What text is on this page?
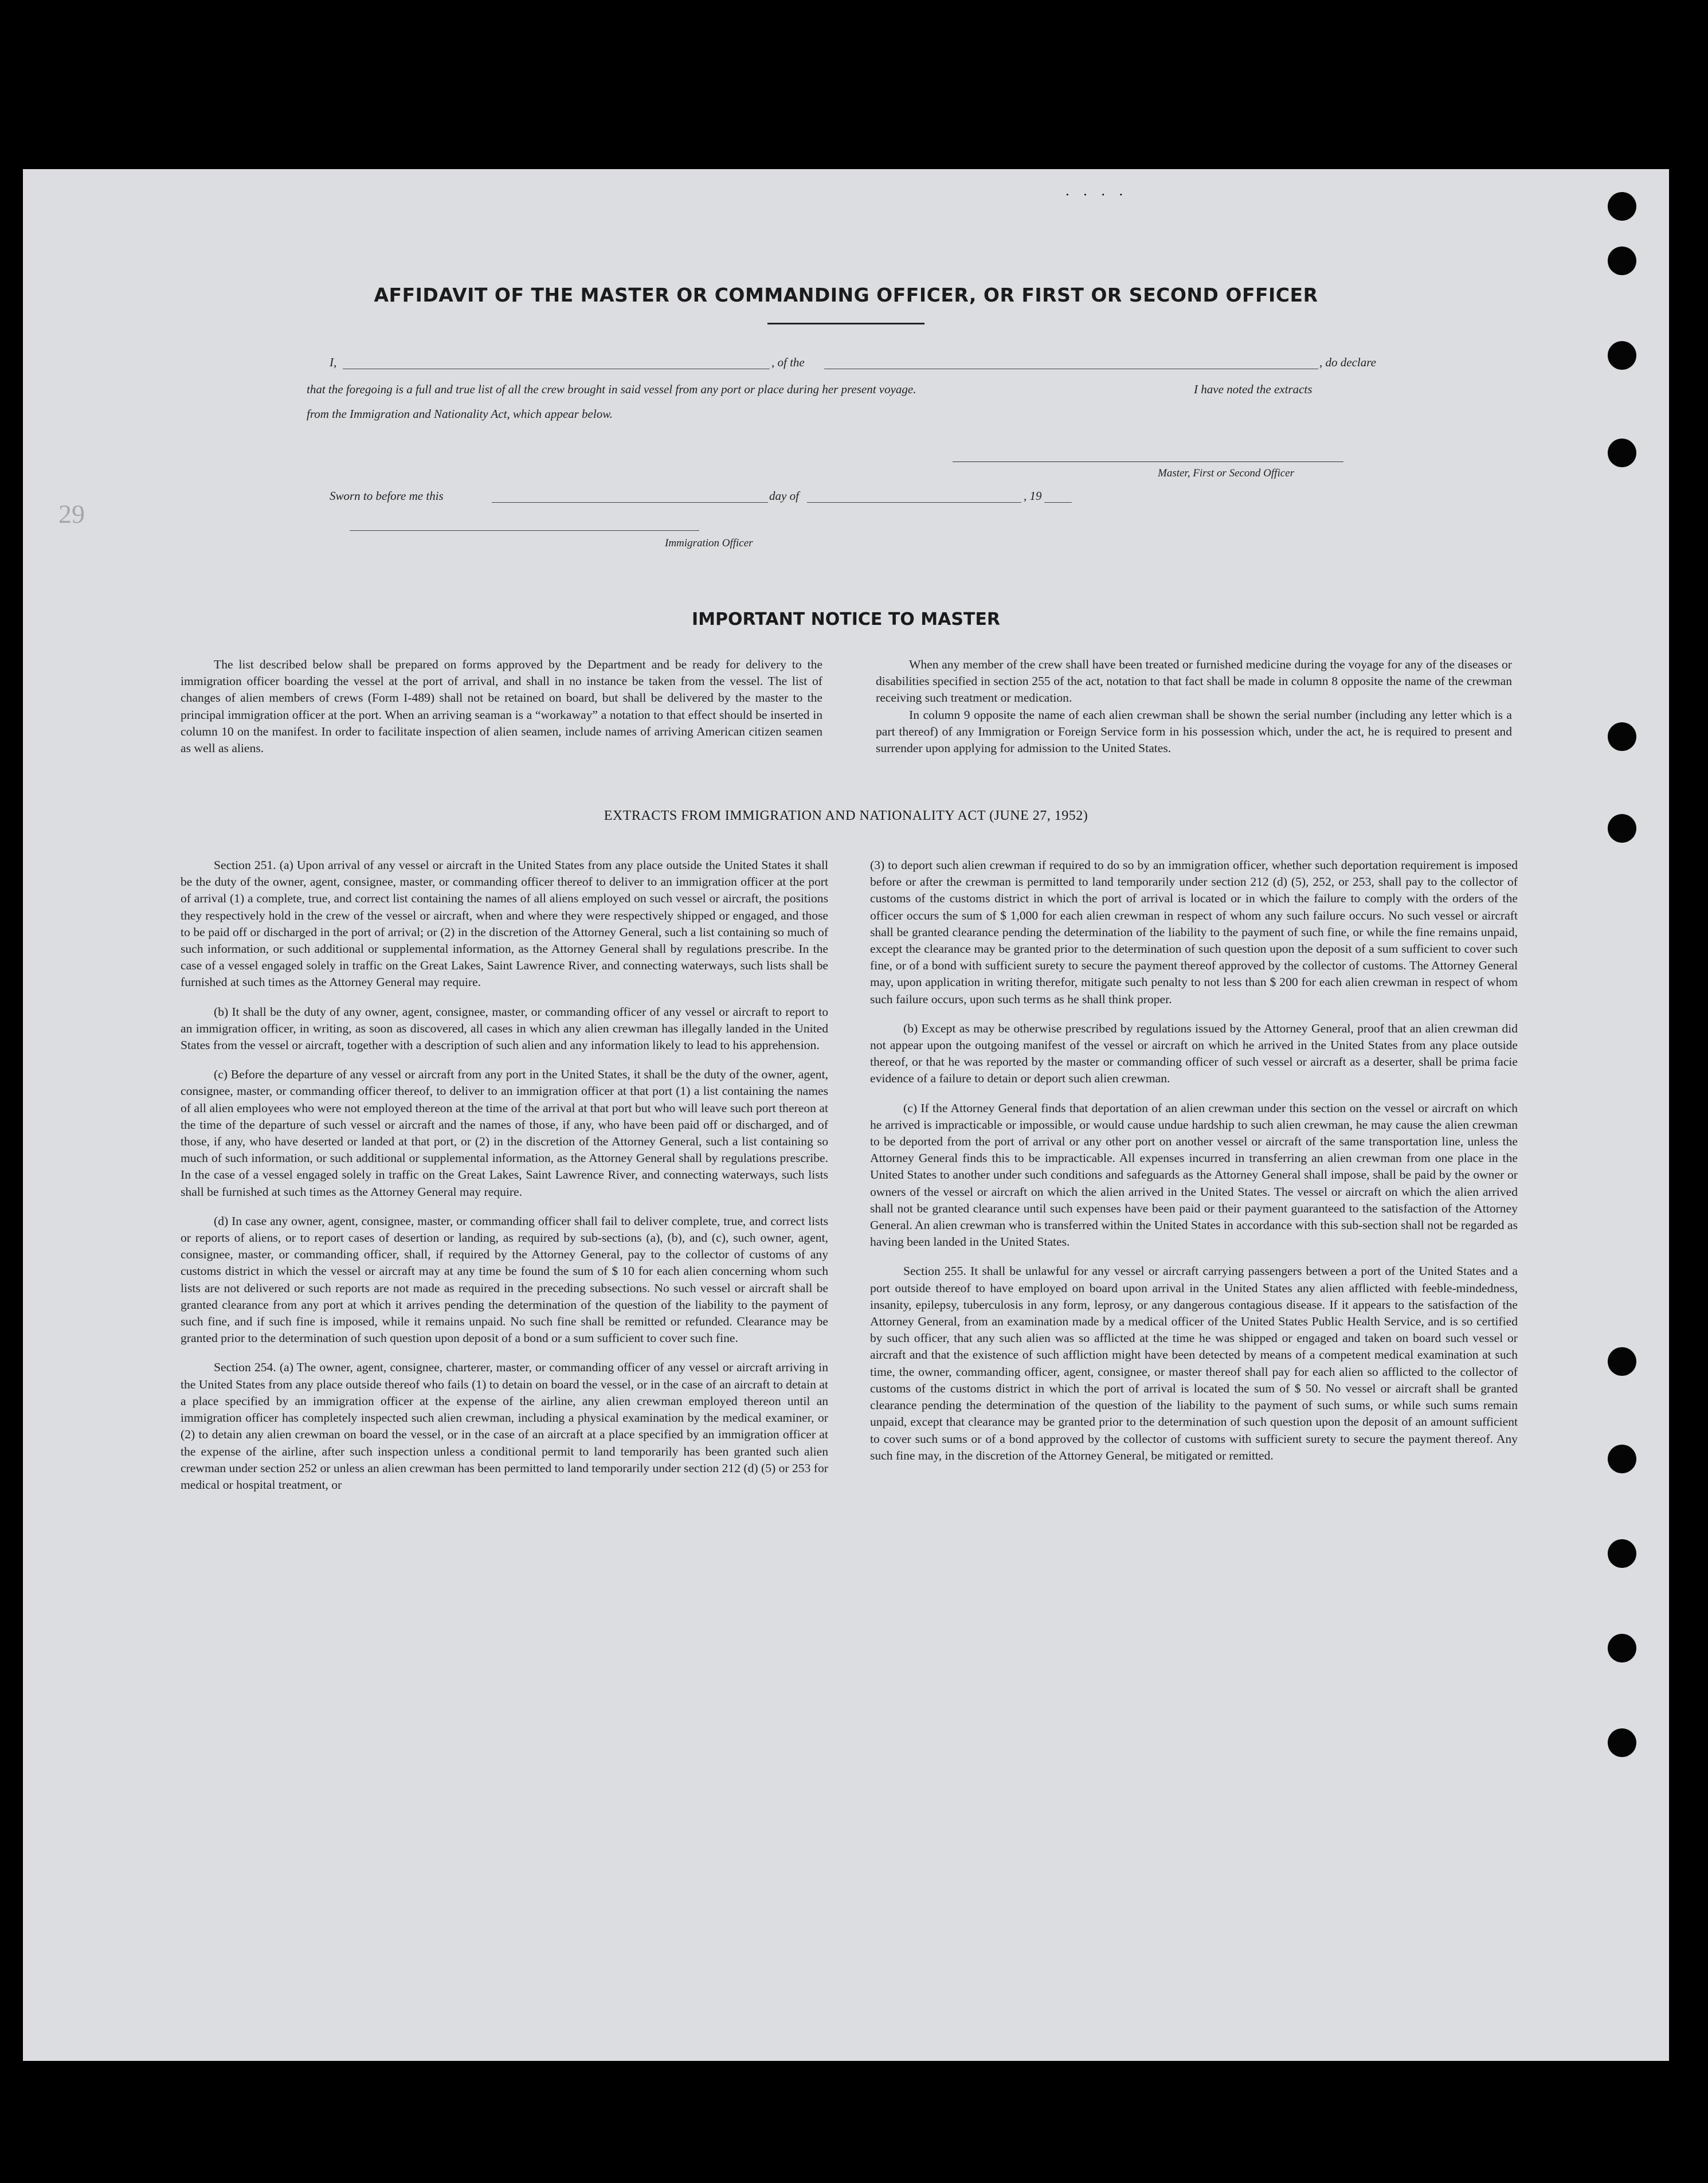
· · · ·
AFFIDAVIT OF THE MASTER OR COMMANDING OFFICER, OR FIRST OR SECOND OFFICER
I,	, of the	, do declare
that the foregoing is a full and true list of all the crew brought in said vessel from any port or place during her present voyage.	I have noted the extracts
from the Immigration and Nationality Act, which appear below.
Master, First or Second Officer
Sworn to before me this	day of	, 19
Immigration Officer
29
IMPORTANT NOTICE TO MASTER

The list described below shall be prepared on forms approved by the Department and be ready for delivery to the immigration officer boarding the vessel at the port of arrival, and shall in no instance be taken from the vessel. The list of changes of alien members of crews (Form I-489) shall not be retained on board, but shall be delivered by the master to the principal immigration officer at the port. When an arriving seaman is a “workaway” a notation to that effect should be inserted in column 10 on the manifest. In order to facilitate inspection of alien seamen, include names of arriving American citizen seamen as well as aliens.

When any member of the crew shall have been treated or furnished medicine during the voyage for any of the diseases or disabilities specified in section 255 of the act, notation to that fact shall be made in column 8 opposite the name of the crewman receiving such treatment or medication.

In column 9 opposite the name of each alien crewman shall be shown the serial number (including any letter which is a part thereof) of any Immigration or Foreign Service form in his possession which, under the act, he is required to present and surrender upon applying for admission to the United States.

EXTRACTS FROM IMMIGRATION AND NATIONALITY ACT (JUNE 27, 1952)

Section 251. (a) Upon arrival of any vessel or aircraft in the United States from any place outside the United States it shall be the duty of the owner, agent, consignee, master, or commanding officer thereof to deliver to an immigration officer at the port of arrival (1) a complete, true, and correct list containing the names of all aliens employed on such vessel or aircraft, the positions they respectively hold in the crew of the vessel or aircraft, when and where they were respectively shipped or engaged, and those to be paid off or discharged in the port of arrival; or (2) in the discretion of the Attorney General, such a list containing so much of such information, or such additional or supplemental information, as the Attorney General shall by regulations prescribe. In the case of a vessel engaged solely in traffic on the Great Lakes, Saint Lawrence River, and connecting waterways, such lists shall be furnished at such times as the Attorney General may require.

(b) It shall be the duty of any owner, agent, consignee, master, or commanding officer of any vessel or aircraft to report to an immigration officer, in writing, as soon as discovered, all cases in which any alien crewman has illegally landed in the United States from the vessel or aircraft, together with a description of such alien and any information likely to lead to his apprehension.

(c) Before the departure of any vessel or aircraft from any port in the United States, it shall be the duty of the owner, agent, consignee, master, or commanding officer thereof, to deliver to an immigration officer at that port (1) a list containing the names of all alien employees who were not employed thereon at the time of the arrival at that port but who will leave such port thereon at the time of the departure of such vessel or aircraft and the names of those, if any, who have been paid off or discharged, and of those, if any, who have deserted or landed at that port, or (2) in the discretion of the Attorney General, such a list containing so much of such information, or such additional or supplemental information, as the Attorney General shall by regulations prescribe. In the case of a vessel engaged solely in traffic on the Great Lakes, Saint Lawrence River, and connecting waterways, such lists shall be furnished at such times as the Attorney General may require.

(d) In case any owner, agent, consignee, master, or commanding officer shall fail to deliver complete, true, and correct lists or reports of aliens, or to report cases of desertion or landing, as required by sub-sections (a), (b), and (c), such owner, agent, consignee, master, or commanding officer, shall, if required by the Attorney General, pay to the collector of customs of any customs district in which the vessel or aircraft may at any time be found the sum of $ 10 for each alien concerning whom such lists are not delivered or such reports are not made as required in the preceding subsections. No such vessel or aircraft shall be granted clearance from any port at which it arrives pending the determination of the question of the liability to the payment of such fine, and if such fine is imposed, while it remains unpaid. No such fine shall be remitted or refunded. Clearance may be granted prior to the determination of such question upon deposit of a bond or a sum sufficient to cover such fine.

Section 254. (a) The owner, agent, consignee, charterer, master, or commanding officer of any vessel or aircraft arriving in the United States from any place outside thereof who fails (1) to detain on board the vessel, or in the case of an aircraft to detain at a place specified by an immigration officer at the expense of the airline, any alien crewman employed thereon until an immigration officer has completely inspected such alien crewman, including a physical examination by the medical examiner, or (2) to detain any alien crewman on board the vessel, or in the case of an aircraft at a place specified by an immigration officer at the expense of the airline, after such inspection unless a conditional permit to land temporarily has been granted such alien crewman under section 252 or unless an alien crewman has been permitted to land temporarily under section 212 (d) (5) or 253 for medical or hospital treatment, or

(3) to deport such alien crewman if required to do so by an immigration officer, whether such deportation requirement is imposed before or after the crewman is permitted to land temporarily under section 212 (d) (5), 252, or 253, shall pay to the collector of customs of the customs district in which the port of arrival is located or in which the failure to comply with the orders of the officer occurs the sum of $ 1,000 for each alien crewman in respect of whom any such failure occurs. No such vessel or aircraft shall be granted clearance pending the determination of the liability to the payment of such fine, or while the fine remains unpaid, except the clearance may be granted prior to the determination of such question upon the deposit of a sum sufficient to cover such fine, or of a bond with sufficient surety to secure the payment thereof approved by the collector of customs. The Attorney General may, upon application in writing therefor, mitigate such penalty to not less than $ 200 for each alien crewman in respect of whom such failure occurs, upon such terms as he shall think proper.

(b) Except as may be otherwise prescribed by regulations issued by the Attorney General, proof that an alien crewman did not appear upon the outgoing manifest of the vessel or aircraft on which he arrived in the United States from any place outside thereof, or that he was reported by the master or commanding officer of such vessel or aircraft as a deserter, shall be prima facie evidence of a failure to detain or deport such alien crewman.

(c) If the Attorney General finds that deportation of an alien crewman under this section on the vessel or aircraft on which he arrived is impracticable or impossible, or would cause undue hardship to such alien crewman, he may cause the alien crewman to be deported from the port of arrival or any other port on another vessel or aircraft of the same transportation line, unless the Attorney General finds this to be impracticable. All expenses incurred in transferring an alien crewman from one place in the United States to another under such conditions and safeguards as the Attorney General shall impose, shall be paid by the owner or owners of the vessel or aircraft on which the alien arrived in the United States. The vessel or aircraft on which the alien arrived shall not be granted clearance until such expenses have been paid or their payment guaranteed to the satisfaction of the Attorney General. An alien crewman who is transferred within the United States in accordance with this sub-section shall not be regarded as having been landed in the United States.

Section 255. It shall be unlawful for any vessel or aircraft carrying passengers between a port of the United States and a port outside thereof to have employed on board upon arrival in the United States any alien afflicted with feeble-mindedness, insanity, epilepsy, tuberculosis in any form, leprosy, or any dangerous contagious disease. If it appears to the satisfaction of the Attorney General, from an examination made by a medical officer of the United States Public Health Service, and is so certified by such officer, that any such alien was so afflicted at the time he was shipped or engaged and taken on board such vessel or aircraft and that the existence of such affliction might have been detected by means of a competent medical examination at such time, the owner, commanding officer, agent, consignee, or master thereof shall pay for each alien so afflicted to the collector of customs of the customs district in which the port of arrival is located the sum of $ 50. No vessel or aircraft shall be granted clearance pending the determination of the question of the liability to the payment of such sums, or while such sums remain unpaid, except that clearance may be granted prior to the determination of such question upon the deposit of an amount sufficient to cover such sums or of a bond approved by the collector of customs with sufficient surety to secure the payment thereof. Any such fine may, in the discretion of the Attorney General, be mitigated or remitted.
